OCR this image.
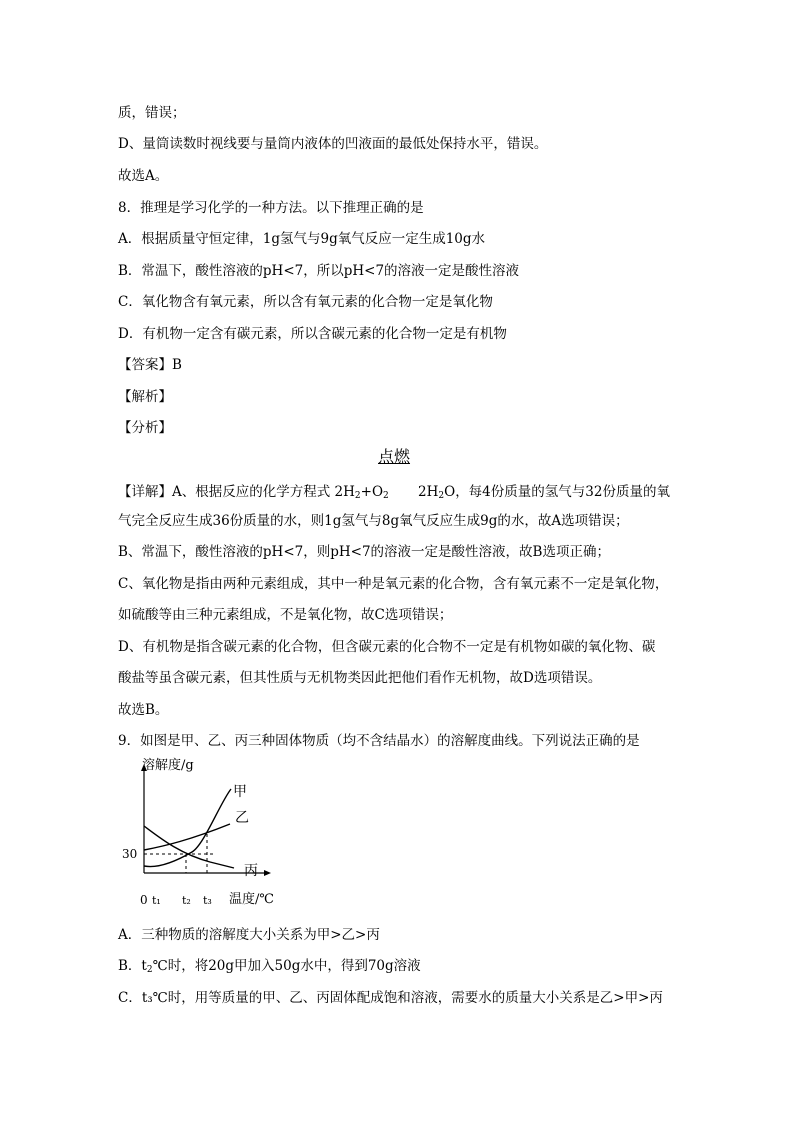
质，错误；
D、量筒读数时视线要与量筒内液体的凹液面的最低处保持水平，错误。
故选A。
8．推理是学习化学的一种方法。以下推理正确的是
A．根据质量守恒定律，1g氢气与9g氧气反应一定生成10g水
B．常温下，酸性溶液的pH<7，所以pH<7的溶液一定是酸性溶液
C．氧化物含有氧元素，所以含有氧元素的化合物一定是氧化物
D．有机物一定含有碳元素，所以含碳元素的化合物一定是有机物
【答案】B
【解析】
【分析】
点燃
【详解】A、根据反应的化学方程式 $2H_2+O_2$ $2H_2O$，每4份质量的氢气与32份质量的氧
气完全反应生成36份质量的水，则1g氢气与8g氧气反应生成9g的水，故A选项错误；
B、常温下，酸性溶液的pH<7，则pH<7的溶液一定是酸性溶液，故B选项正确；
C、氧化物是指由两种元素组成，其中一种是氧元素的化合物，含有氧元素不一定是氧化物，
如硫酸等由三种元素组成，不是氧化物，故C选项错误；
D、有机物是指含碳元素的化合物，但含碳元素的化合物不一定是有机物如碳的氧化物、碳
酸盐等虽含碳元素，但其性质与无机物类因此把他们看作无机物，故D选项错误。
故选B。
9．如图是甲、乙、丙三种固体物质（均不含结晶水）的溶解度曲线。下列说法正确的是
溶解度/g
温度/℃
0
30
甲
乙
丙
t₁ t₂ t₃
A．三种物质的溶解度大小关系为甲>乙>丙
B．$t_2℃$时，将20g甲加入50g水中，得到70g溶液
C．t₃℃时，用等质量的甲、乙、丙固体配成饱和溶液，需要水的质量大小关系是乙>甲>丙
